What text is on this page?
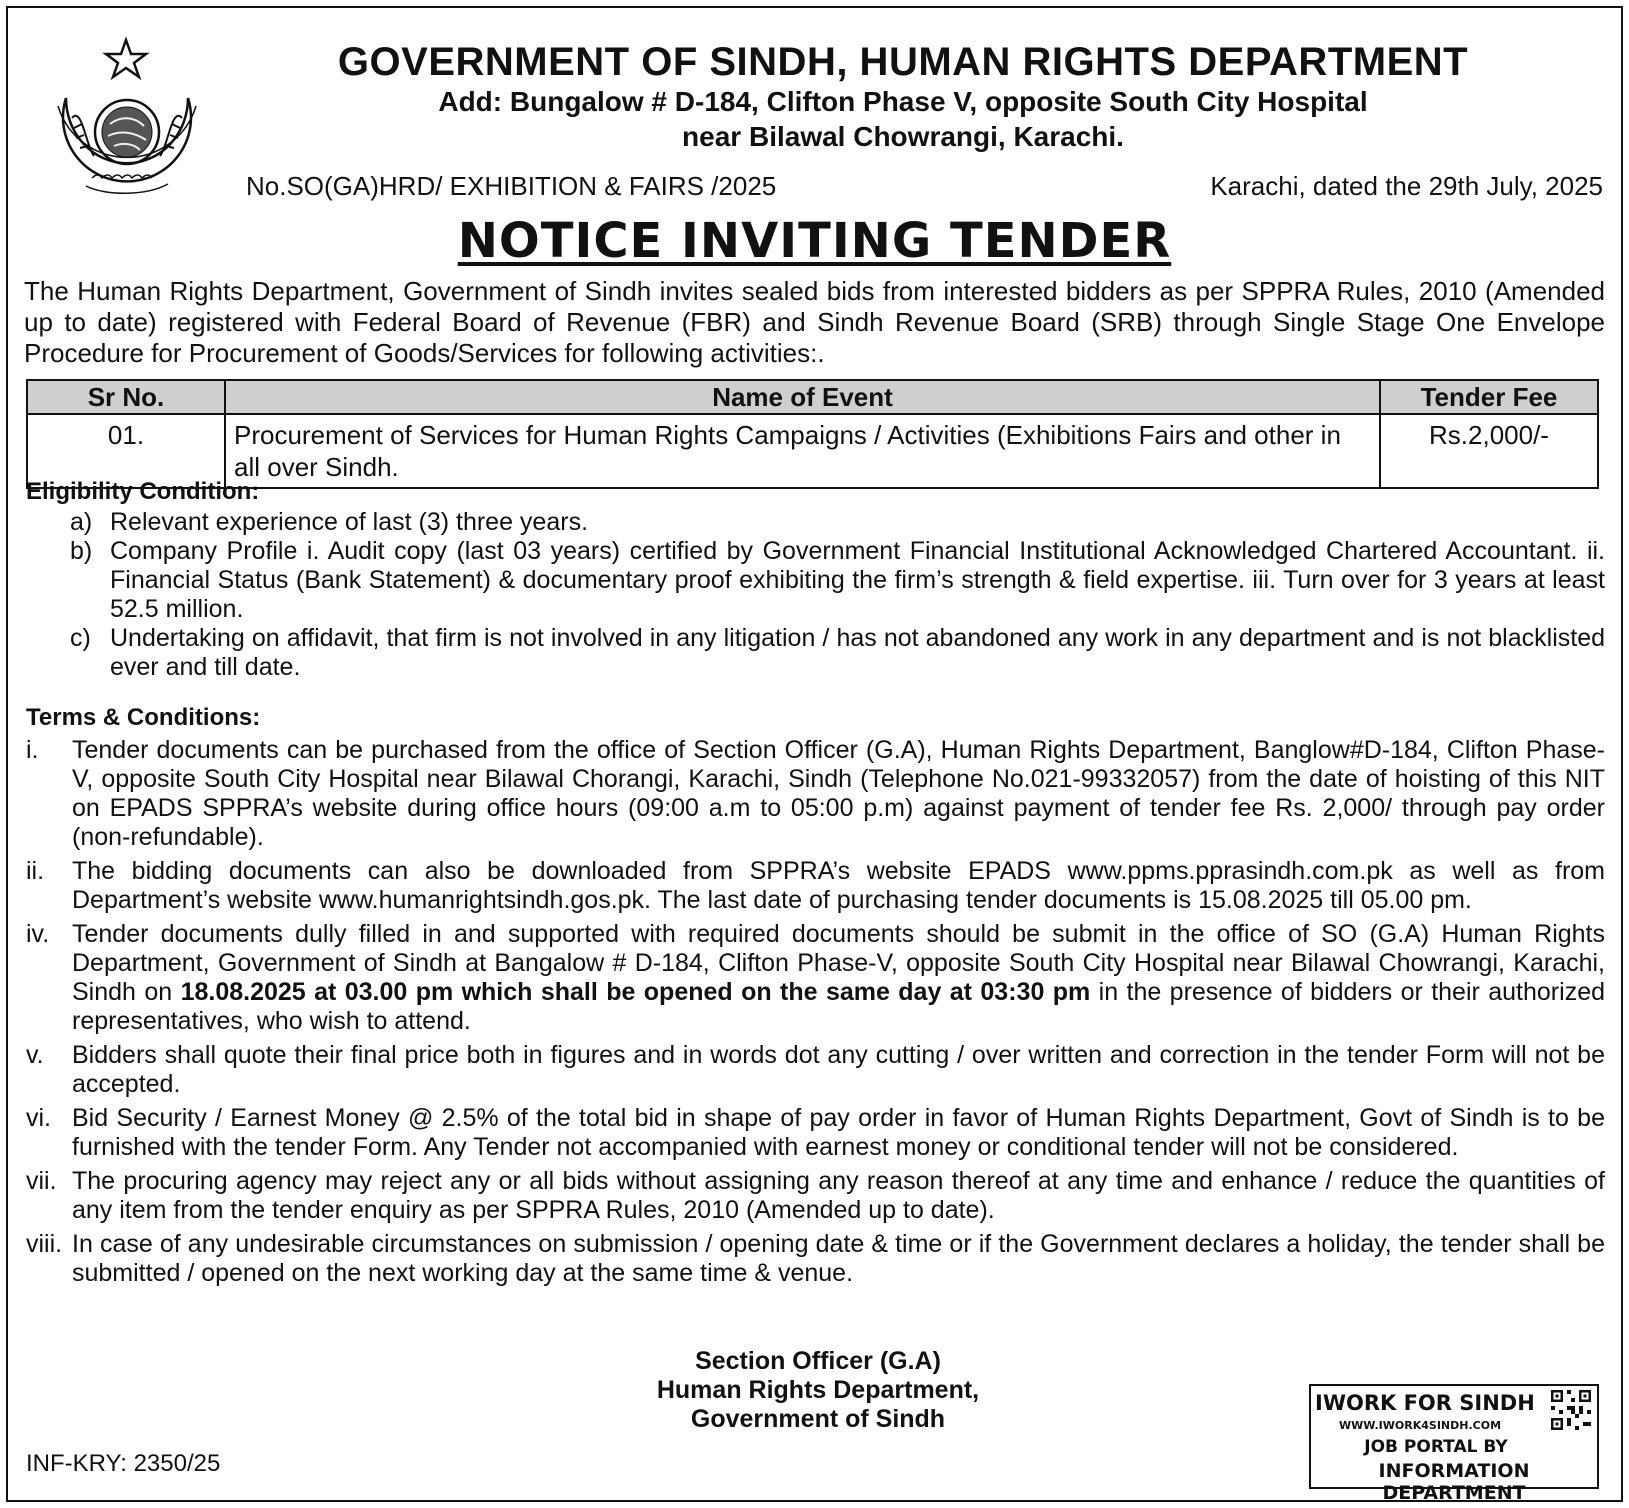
GOVERNMENT OF SINDH, HUMAN RIGHTS DEPARTMENT
Add: Bungalow # D-184, Clifton Phase V, opposite South City Hospital
near Bilawal Chowrangi, Karachi.
No.SO(GA)HRD/ EXHIBITION & FAIRS /2025	Karachi, dated the 29th July, 2025
NOTICE INVITING TENDER
The Human Rights Department, Government of Sindh invites sealed bids from interested bidders as per SPPRA Rules, 2010 (Amended up to date) registered with Federal Board of Revenue (FBR) and Sindh Revenue Board (SRB) through Single Stage One Envelope Procedure for Procurement of Goods/Services for following activities:.
Sr No.	Name of Event	Tender Fee
01.	Procurement of Services for Human Rights Campaigns / Activities (Exhibitions Fairs and other in all over Sindh.	Rs.2,000/-
Eligibility Condition:
a) Relevant experience of last (3) three years.
b) Company Profile i. Audit copy (last 03 years) certified by Government Financial Institutional Acknowledged Chartered Accountant. ii. Financial Status (Bank Statement) & documentary proof exhibiting the firm’s strength & field expertise. iii. Turn over for 3 years at least 52.5 million.
c) Undertaking on affidavit, that firm is not involved in any litigation / has not abandoned any work in any department and is not blacklisted ever and till date.
Terms & Conditions:
i.	Tender documents can be purchased from the office of Section Officer (G.A), Human Rights Department, Banglow#D-184, Clifton Phase-V, opposite South City Hospital near Bilawal Chorangi, Karachi, Sindh (Telephone No.021-99332057) from the date of hoisting of this NIT on EPADS SPPRA’s website during office hours (09:00 a.m to 05:00 p.m) against payment of tender fee Rs. 2,000/ through pay order (non-refundable).
ii.	The bidding documents can also be downloaded from SPPRA’s website EPADS www.ppms.pprasindh.com.pk as well as from Department’s website www.humanrightsindh.gos.pk. The last date of purchasing tender documents is 15.08.2025 till 05.00 pm.
iv. Tender documents dully filled in and supported with required documents should be submit in the office of SO (G.A) Human Rights Department, Government of Sindh at Bangalow # D-184, Clifton Phase-V, opposite South City Hospital near Bilawal Chowrangi, Karachi, Sindh on 18.08.2025 at 03.00 pm which shall be opened on the same day at 03:30 pm in the presence of bidders or their authorized representatives, who wish to attend.
v.	Bidders shall quote their final price both in figures and in words dot any cutting / over written and correction in the tender Form will not be accepted.
vi. Bid Security / Earnest Money @ 2.5% of the total bid in shape of pay order in favor of Human Rights Department, Govt of Sindh is to be furnished with the tender Form. Any Tender not accompanied with earnest money or conditional tender will not be considered.
vii. The procuring agency may reject any or all bids without assigning any reason thereof at any time and enhance / reduce the quantities of any item from the tender enquiry as per SPPRA Rules, 2010 (Amended up to date).
viii. In case of any undesirable circumstances on submission / opening date & time or if the Government declares a holiday, the tender shall be submitted / opened on the next working day at the same time & venue.
Section Officer (G.A)
Human Rights Department,
Government of Sindh
INF-KRY: 2350/25
IWORK FOR SINDH
WWW.IWORK4SINDH.COM
JOB PORTAL BY
INFORMATION DEPARTMENT
